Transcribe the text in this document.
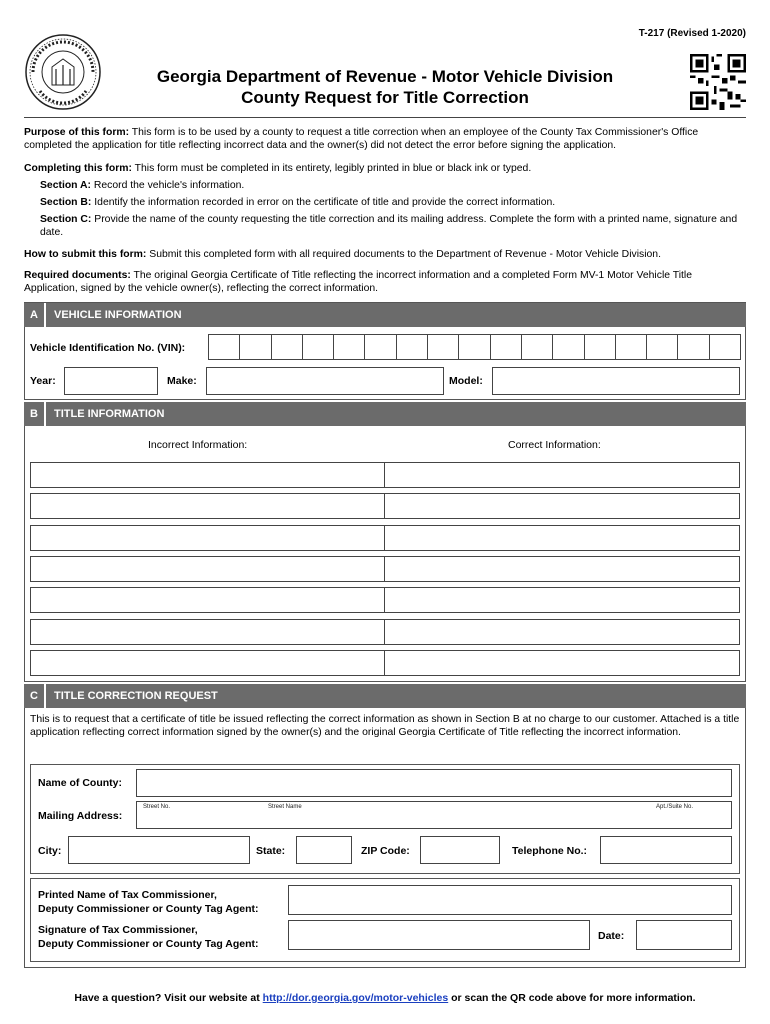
T-217 (Revised 1-2020)
Georgia Department of Revenue - Motor Vehicle Division
County Request for Title Correction
Purpose of this form: This form is to be used by a county to request a title correction when an employee of the County Tax Commissioner's Office completed the application for title reflecting incorrect data and the owner(s) did not detect the error before signing the application.
Completing this form: This form must be completed in its entirety, legibly printed in blue or black ink or typed.
Section A: Record the vehicle's information.
Section B: Identify the information recorded in error on the certificate of title and provide the correct information.
Section C: Provide the name of the county requesting the title correction and its mailing address. Complete the form with a printed name, signature and date.
How to submit this form: Submit this completed form with all required documents to the Department of Revenue - Motor Vehicle Division.
Required documents: The original Georgia Certificate of Title reflecting the incorrect information and a completed Form MV-1 Motor Vehicle Title Application, signed by the vehicle owner(s), reflecting the correct information.
A	VEHICLE INFORMATION
Vehicle Identification No. (VIN):
Year:	Make:	Model:
B	TITLE INFORMATION
Incorrect Information:	Correct Information:
C	TITLE CORRECTION REQUEST
This is to request that a certificate of title be issued reflecting the correct information as shown in Section B at no charge to our customer. Attached is a title application reflecting correct information signed by the owner(s) and the original Georgia Certificate of Title reflecting the incorrect information.
Name of County:
Mailing Address:
Street No.	Street Name	Apt./Suite No.
City:	State:	ZIP Code:	Telephone No.:
Printed Name of Tax Commissioner,
Deputy Commissioner or County Tag Agent:
Signature of Tax Commissioner,
Deputy Commissioner or County Tag Agent:
Date:
Have a question? Visit our website at http://dor.georgia.gov/motor-vehicles or scan the QR code above for more information.
